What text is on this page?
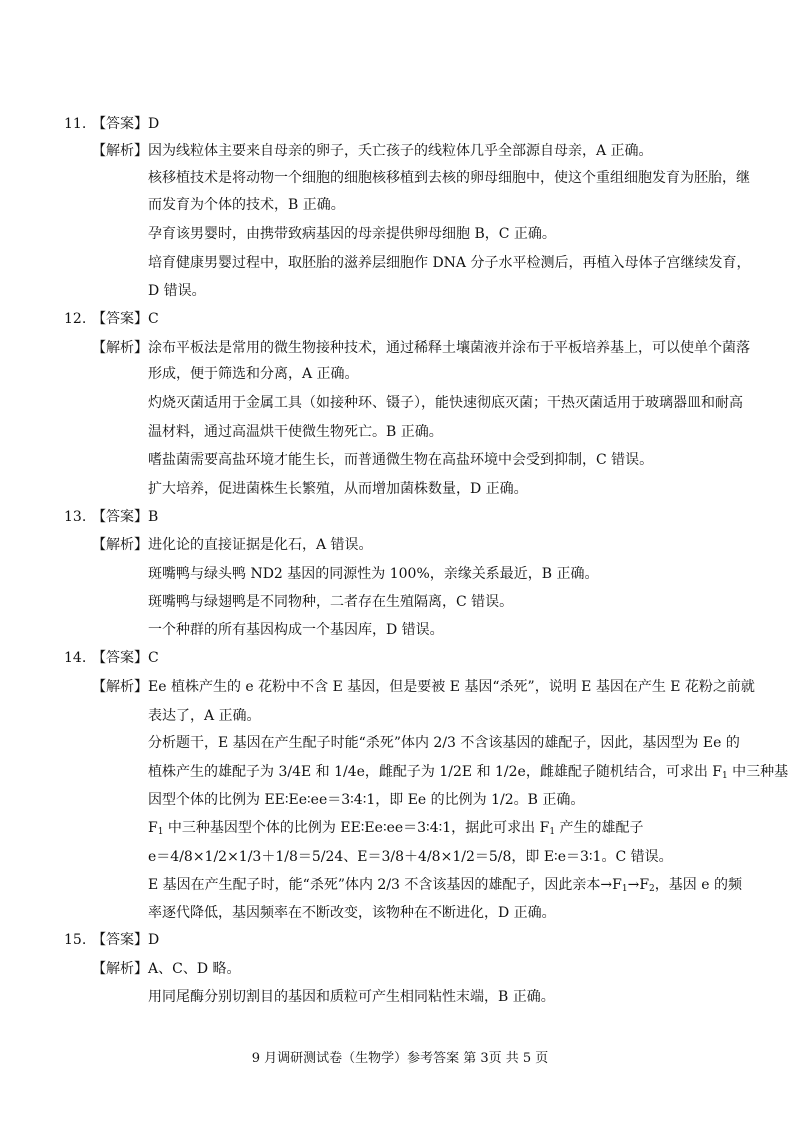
11. 【答案】 D
【解析】 因为线粒体主要来自母亲的卵子，夭亡孩子的线粒体几乎全部源自母亲，A 正确。
核移植技术是将动物一个细胞的细胞核移植到去核的卵母细胞中，使这个重组细胞发育为胚胎，继
而发育为个体的技术，B 正确。
孕育该男婴时，由携带致病基因的母亲提供卵母细胞 B，C 正确。
培育健康男婴过程中，取胚胎的滋养层细胞作 DNA 分子水平检测后，再植入母体子宫继续发育，
D 错误。
12. 【答案】 C
【解析】 涂布平板法是常用的微生物接种技术，通过稀释土壤菌液并涂布于平板培养基上，可以使单个菌落
形成，便于筛选和分离，A 正确。
灼烧灭菌适用于金属工具（如接种环、镊子），能快速彻底灭菌；干热灭菌适用于玻璃器皿和耐高
温材料，通过高温烘干使微生物死亡。B 正确。
嗜盐菌需要高盐环境才能生长，而普通微生物在高盐环境中会受到抑制，C 错误。
扩大培养，促进菌株生长繁殖，从而增加菌株数量，D 正确。
13. 【答案】 B
【解析】 进化论的直接证据是化石，A 错误。
斑嘴鸭与绿头鸭 ND2 基因的同源性为 100%，亲缘关系最近，B 正确。
斑嘴鸭与绿翅鸭是不同物种，二者存在生殖隔离，C 错误。
一个种群的所有基因构成一个基因库，D 错误。
14. 【答案】 C
【解析】 Ee 植株产生的 e 花粉中不含 E 基因，但是要被 E 基因“杀死”，说明 E 基因在产生 E 花粉之前就
表达了，A 正确。
分析题干，E 基因在产生配子时能“杀死”体内 2/3 不含该基因的雄配子，因此，基因型为 Ee 的
植株产生的雄配子为 3/4E 和 1/4e，雌配子为 1/2E 和 1/2e，雌雄配子随机结合，可求出 $F_1$ 中三种基
因型个体的比例为 EE∶Ee∶ee＝3∶4∶1，即 Ee 的比例为 1/2。B 正确。
$F_1$ 中三种基因型个体的比例为 EE∶Ee∶ee＝3∶4∶1，据此可求出 $F_1$ 产生的雄配子
e＝4/8×1/2×1/3＋1/8＝5/24、E＝3/8＋4/8×1/2＝5/8，即 E∶e＝3∶1。C 错误。
E 基因在产生配子时，能“杀死”体内 2/3 不含该基因的雄配子，因此亲本$\to F_1\to F_2$，基因 e 的频
率逐代降低，基因频率在不断改变，该物种在不断进化，D 正确。
15. 【答案】 D
【解析】 A、C、D 略。
用同尾酶分别切割目的基因和质粒可产生相同粘性末端，B 正确。
9 月调研测试卷（生物学）参考答案 第 3页 共 5 页
